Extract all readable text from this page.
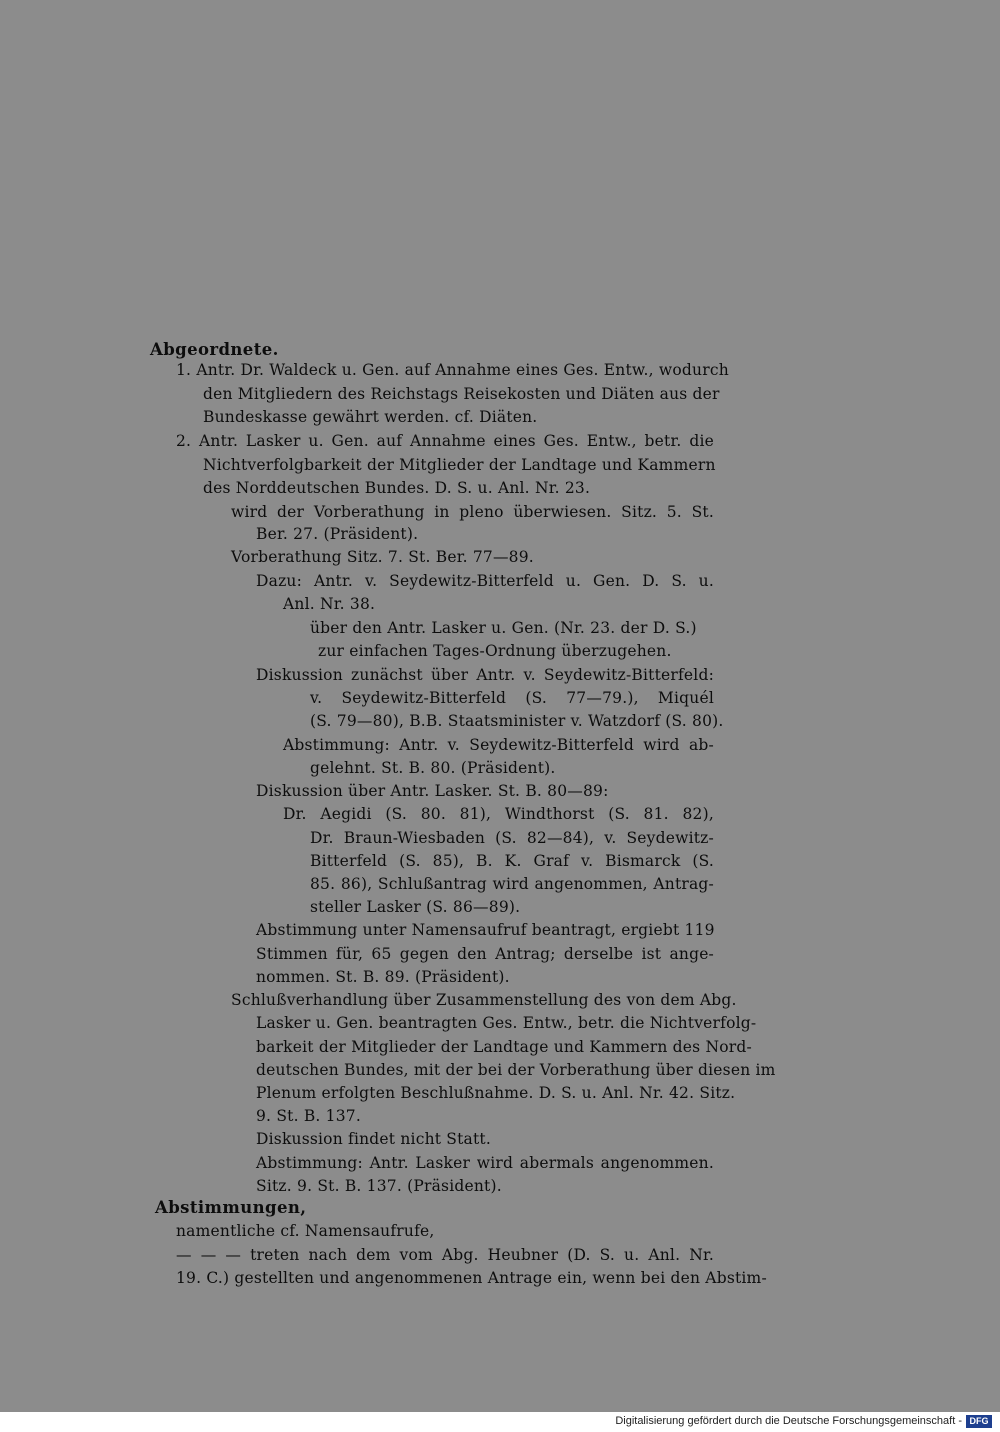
Abgeordnete.
1. Antr. Dr. Waldeck u. Gen. auf Annahme eines Ges. Entw., wodurch
den Mitgliedern des Reichstags Reisekosten und Diäten aus der
Bundeskasse gewährt werden. cf. Diäten.
2. Antr. Lasker u. Gen. auf Annahme eines Ges. Entw., betr. die
Nichtverfolgbarkeit der Mitglieder der Landtage und Kammern
des Norddeutschen Bundes. D. S. u. Anl. Nr. 23.
wird der Vorberathung in pleno überwiesen. Sitz. 5. St.
Ber. 27. (Präsident).
Vorberathung Sitz. 7. St. Ber. 77—89.
Dazu: Antr. v. Seydewitz-Bitterfeld u. Gen. D. S. u.
Anl. Nr. 38.
über den Antr. Lasker u. Gen. (Nr. 23. der D. S.)
zur einfachen Tages-Ordnung überzugehen.
Diskussion zunächst über Antr. v. Seydewitz-Bitterfeld:
v. Seydewitz-Bitterfeld (S. 77—79.), Miquél
(S. 79—80), B.B. Staatsminister v. Watzdorf (S. 80).
Abstimmung: Antr. v. Seydewitz-Bitterfeld wird ab-
gelehnt. St. B. 80. (Präsident).
Diskussion über Antr. Lasker. St. B. 80—89:
Dr. Aegidi (S. 80. 81), Windthorst (S. 81. 82),
Dr. Braun-Wiesbaden (S. 82—84), v. Seydewitz-
Bitterfeld (S. 85), B. K. Graf v. Bismarck (S.
85. 86), Schlußantrag wird angenommen, Antrag-
steller Lasker (S. 86—89).
Abstimmung unter Namensaufruf beantragt, ergiebt 119
Stimmen für, 65 gegen den Antrag; derselbe ist ange-
nommen. St. B. 89. (Präsident).
Schlußverhandlung über Zusammenstellung des von dem Abg.
Lasker u. Gen. beantragten Ges. Entw., betr. die Nichtverfolg-
barkeit der Mitglieder der Landtage und Kammern des Nord-
deutschen Bundes, mit der bei der Vorberathung über diesen im
Plenum erfolgten Beschlußnahme. D. S. u. Anl. Nr. 42. Sitz.
9. St. B. 137.
Diskussion findet nicht Statt.
Abstimmung: Antr. Lasker wird abermals angenommen.
Sitz. 9. St. B. 137. (Präsident).
Abstimmungen,
namentliche cf. Namensaufrufe,
— — — treten nach dem vom Abg. Heubner (D. S. u. Anl. Nr.
19. C.) gestellten und angenommenen Antrage ein, wenn bei den Abstim-
Digitalisierung gefördert durch die Deutsche Forschungsgemeinschaft - DFG
